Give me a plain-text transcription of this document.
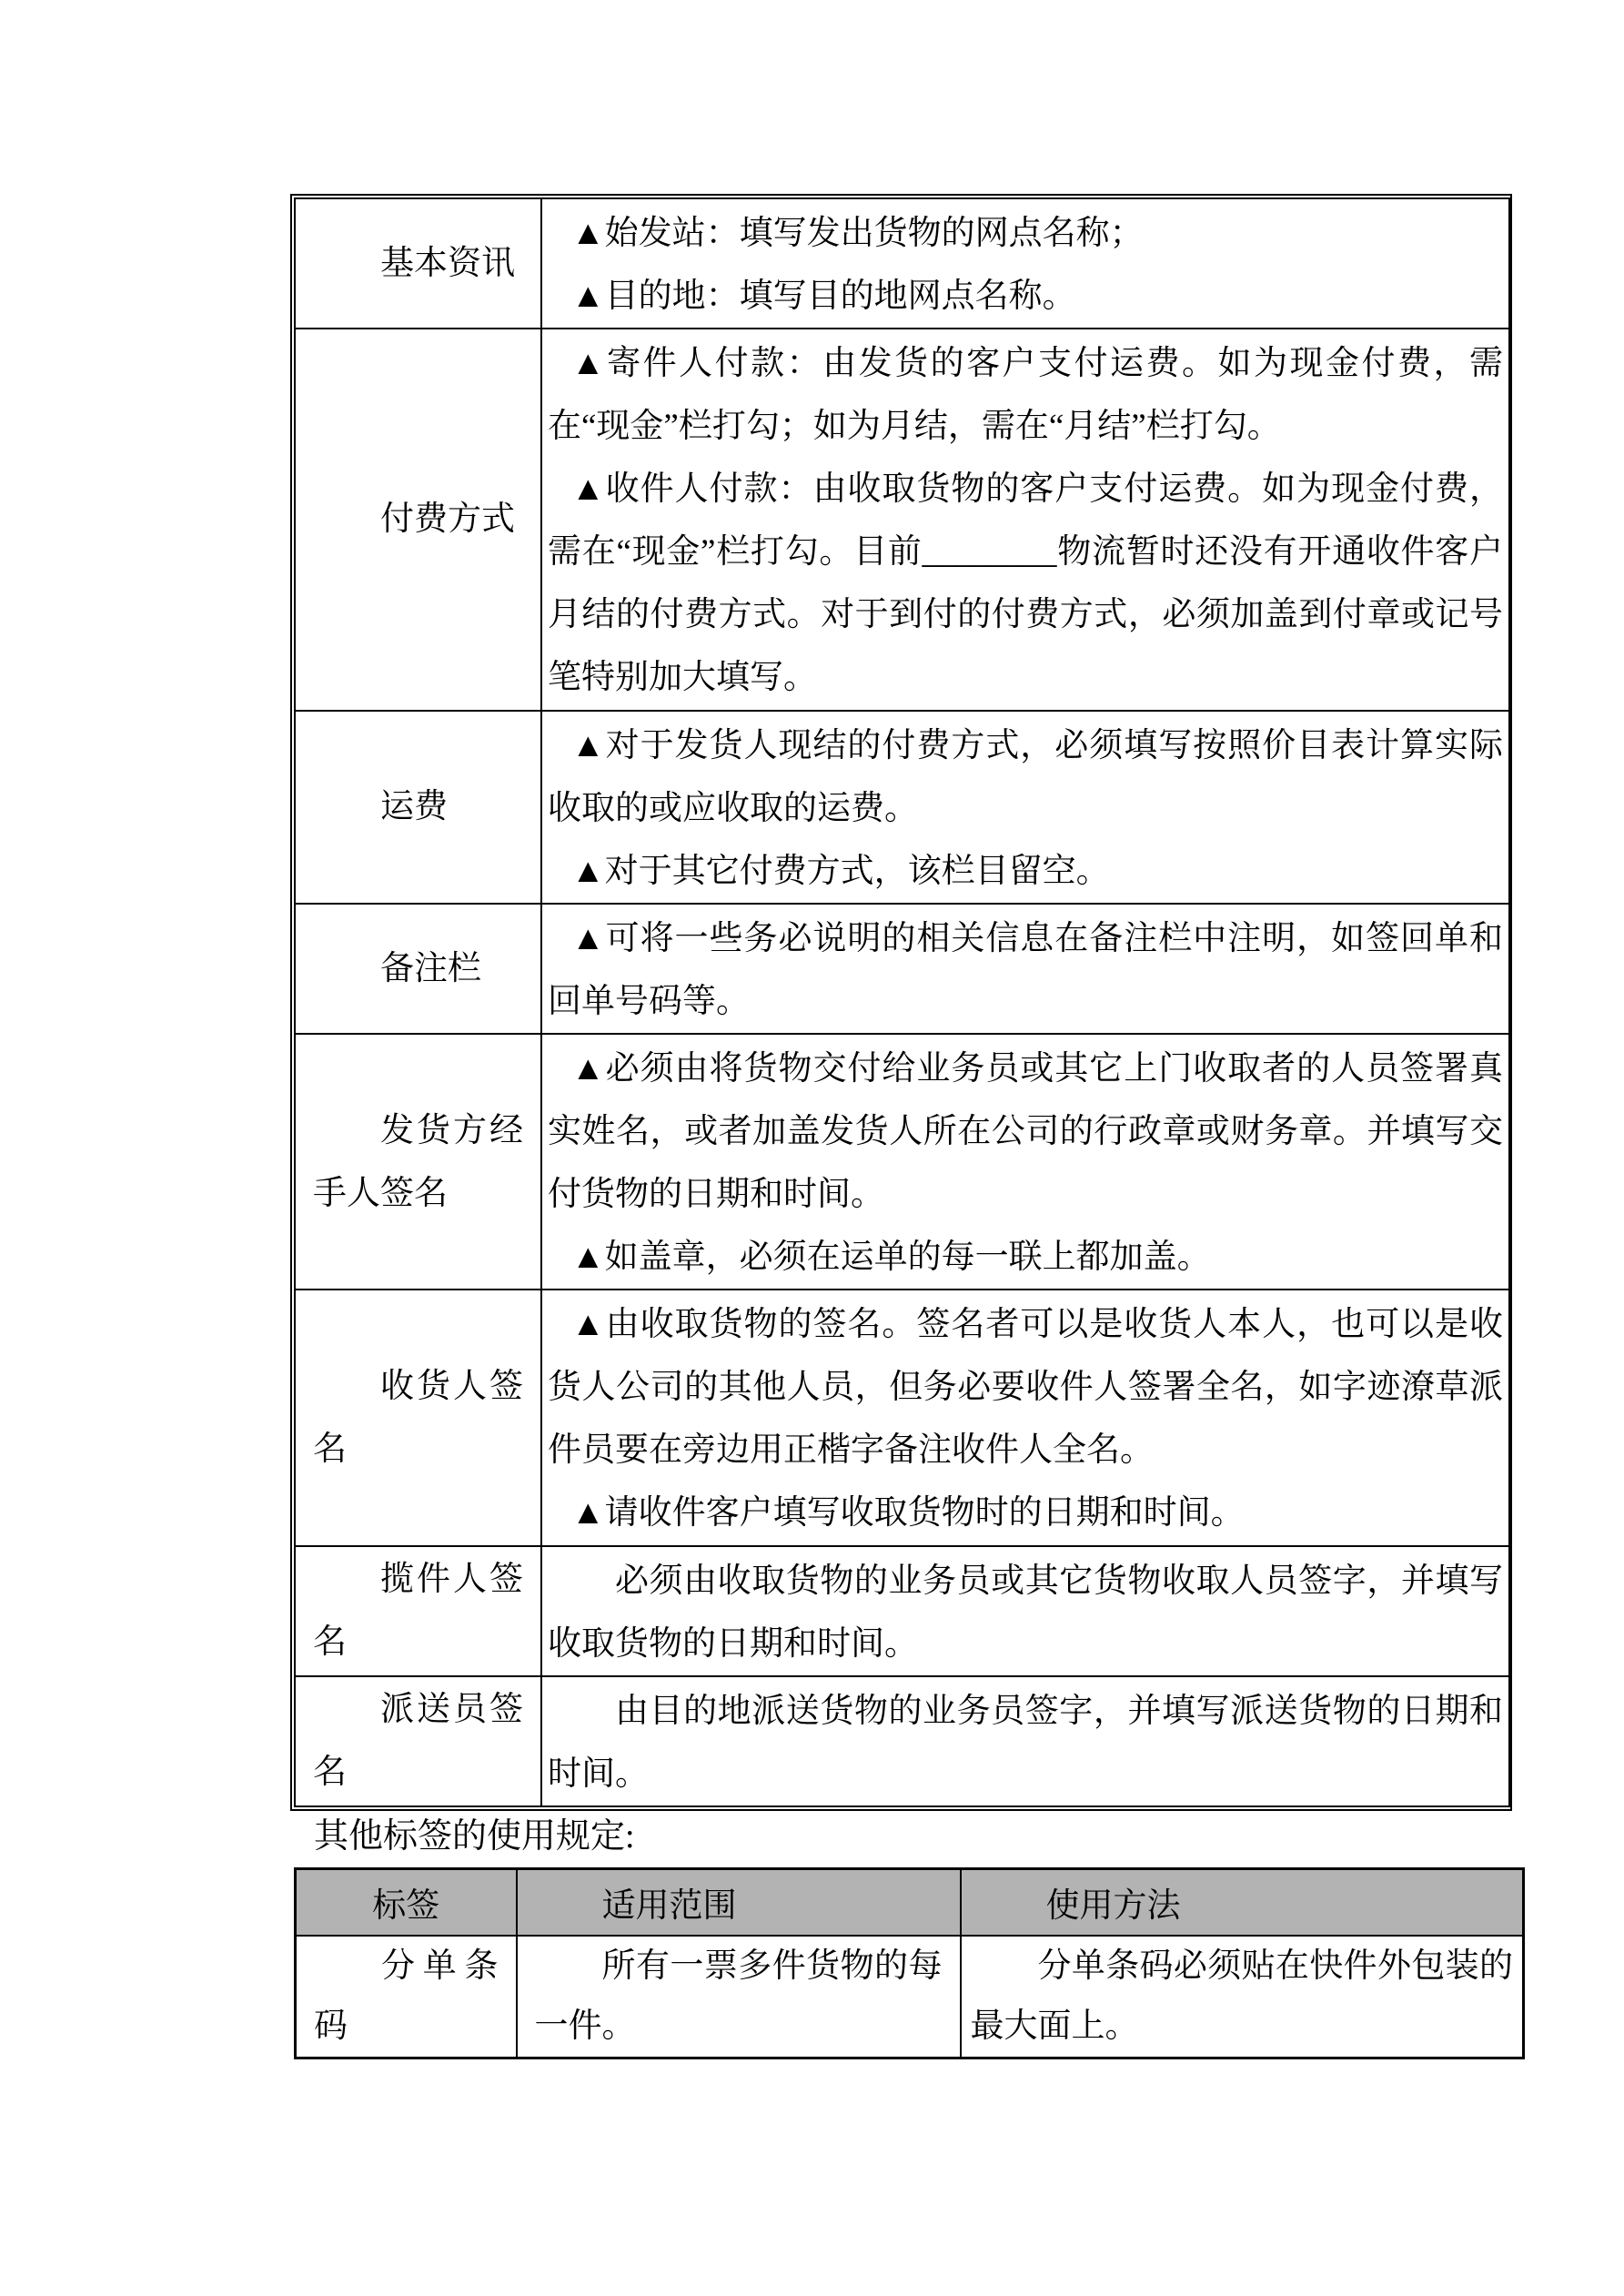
基本资讯	▲始发站：填写发出货物的网点名称；

▲目的地：填写目的地网点名称。

付费方式	▲寄件人付款：由发货的客户支付运费。如为现金付费，需在“现金”栏打勾；如为月结，需在“月结”栏打勾。

▲收件人付款：由收取货物的客户支付运费。如为现金付费，需在“现金”栏打勾。目前________物流暂时还没有开通收件客户月结的付费方式。对于到付的付费方式，必须加盖到付章或记号笔特别加大填写。

运费	▲对于发货人现结的付费方式，必须填写按照价目表计算实际收取的或应收取的运费。

▲对于其它付费方式，该栏目留空。

备注栏	▲可将一些务必说明的相关信息在备注栏中注明，如签回单和回单号码等。

发货方经手人签名	▲必须由将货物交付给业务员或其它上门收取者的人员签署真实姓名，或者加盖发货人所在公司的行政章或财务章。并填写交付货物的日期和时间。

▲如盖章，必须在运单的每一联上都加盖。

收货人签名	▲由收取货物的签名。签名者可以是收货人本人，也可以是收货人公司的其他人员，但务必要收件人签署全名，如字迹潦草派件员要在旁边用正楷字备注收件人全名。

▲请收件客户填写收取货物时的日期和时间。

揽件人签名	必须由收取货物的业务员或其它货物收取人员签字，并填写收取货物的日期和时间。

派送员签名	由目的地派送货物的业务员签字，并填写派送货物的日期和时间。

其他标签的使用规定:
标签	适用范围	使用方法

分单条码	所有一票多件货物的每一件。	分单条码必须贴在快件外包装的最大面上。
